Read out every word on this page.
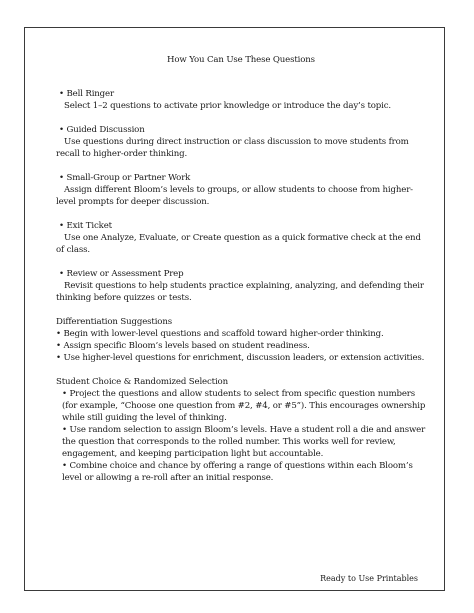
How You Can Use These Questions

• Bell Ringer

Select 1–2 questions to activate prior knowledge or introduce the day’s topic.

• Guided Discussion

Use questions during direct instruction or class discussion to move students from recall to higher-order thinking.

• Small-Group or Partner Work

Assign different Bloom’s levels to groups, or allow students to choose from higher-level prompts for deeper discussion.

• Exit Ticket

Use one Analyze, Evaluate, or Create question as a quick formative check at the end of class.

• Review or Assessment Prep

Revisit questions to help students practice explaining, analyzing, and defending their thinking before quizzes or tests.

Differentiation Suggestions

• Begin with lower-level questions and scaffold toward higher-order thinking.

• Assign specific Bloom’s levels based on student readiness.

• Use higher-level questions for enrichment, discussion leaders, or extension activities.

Student Choice & Randomized Selection

• Project the questions and allow students to select from specific question numbers (for example, “Choose one question from #2, #4, or #5”). This encourages ownership while still guiding the level of thinking.

• Use random selection to assign Bloom’s levels. Have a student roll a die and answer the question that corresponds to the rolled number. This works well for review, engagement, and keeping participation light but accountable.

• Combine choice and chance by offering a range of questions within each Bloom’s level or allowing a re-roll after an initial response.

Ready to Use Printables
